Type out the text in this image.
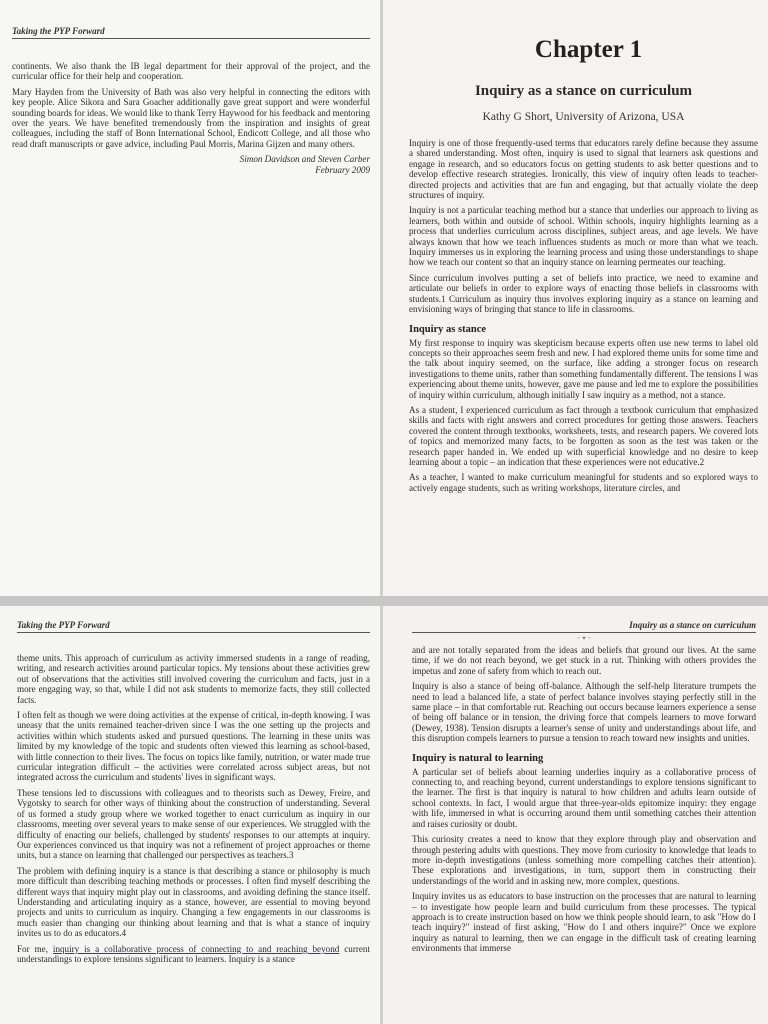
Taking the PYP Forward

continents. We also thank the IB legal department for their approval of the project, and the curricular office for their help and cooperation.

Mary Hayden from the University of Bath was also very helpful in connecting the editors with key people. Alice Sikora and Sara Goacher additionally gave great support and were wonderful sounding boards for ideas. We would like to thank Terry Haywood for his feedback and mentoring over the years. We have benefited tremendously from the inspiration and insights of great colleagues, including the staff of Bonn International School, Endicott College, and all those who read draft manuscripts or gave advice, including Paul Morris, Marina Gijzen and many others.

Simon Davidson and Steven Carber
February 2009
Chapter 1
Inquiry as a stance on curriculum
Kathy G Short, University of Arizona, USA

Inquiry is one of those frequently-used terms that educators rarely define because they assume a shared understanding. Most often, inquiry is used to signal that learners ask questions and engage in research, and so educators focus on getting students to ask better questions and to develop effective research strategies. Ironically, this view of inquiry often leads to teacher-directed projects and activities that are fun and engaging, but that actually violate the deep structures of inquiry.

Inquiry is not a particular teaching method but a stance that underlies our approach to living as learners, both within and outside of school. Within schools, inquiry highlights learning as a process that underlies curriculum across disciplines, subject areas, and age levels. We have always known that how we teach influences students as much or more than what we teach. Inquiry immerses us in exploring the learning process and using those understandings to shape how we teach our content so that an inquiry stance on learning permeates our teaching.

Since curriculum involves putting a set of beliefs into practice, we need to examine and articulate our beliefs in order to explore ways of enacting those beliefs in classrooms with students.1 Curriculum as inquiry thus involves exploring inquiry as a stance on learning and envisioning ways of bringing that stance to life in classrooms.

Inquiry as stance

My first response to inquiry was skepticism because experts often use new terms to label old concepts so their approaches seem fresh and new. I had explored theme units for some time and the talk about inquiry seemed, on the surface, like adding a stronger focus on research investigations to theme units, rather than something fundamentally different. The tensions I was experiencing about theme units, however, gave me pause and led me to explore the possibilities of inquiry within curriculum, although initially I saw inquiry as a method, not a stance.

As a student, I experienced curriculum as fact through a textbook curriculum that emphasized skills and facts with right answers and correct procedures for getting those answers. Teachers covered the content through textbooks, worksheets, tests, and research papers. We covered lots of topics and memorized many facts, to be forgotten as soon as the test was taken or the research paper handed in. We ended up with superficial knowledge and no desire to keep learning about a topic – an indication that these experiences were not educative.2

As a teacher, I wanted to make curriculum meaningful for students and so explored ways to actively engage students, such as writing workshops, literature circles, and

Taking the PYP Forward

theme units. This approach of curriculum as activity immersed students in a range of reading, writing, and research activities around particular topics. My tensions about these activities grew out of observations that the activities still involved covering the curriculum and facts, just in a more engaging way, so that, while I did not ask students to memorize facts, they still collected facts.

I often felt as though we were doing activities at the expense of critical, in-depth knowing. I was uneasy that the units remained teacher-driven since I was the one setting up the projects and activities within which students asked and pursued questions. The learning in these units was limited by my knowledge of the topic and students often viewed this learning as school-based, with little connection to their lives. The focus on topics like family, nutrition, or water made true curricular integration difficult – the activities were correlated across subject areas, but not integrated across the curriculum and students' lives in significant ways.

These tensions led to discussions with colleagues and to theorists such as Dewey, Freire, and Vygotsky to search for other ways of thinking about the construction of understanding. Several of us formed a study group where we worked together to enact curriculum as inquiry in our classrooms, meeting over several years to make sense of our experiences. We struggled with the difficulty of enacting our beliefs, challenged by students' responses to our attempts at inquiry. Our experiences convinced us that inquiry was not a refinement of project approaches or theme units, but a stance on learning that challenged our perspectives as teachers.3

The problem with defining inquiry is a stance is that describing a stance or philosophy is much more difficult than describing teaching methods or processes. I often find myself describing the different ways that inquiry might play out in classrooms, and avoiding defining the stance itself. Understanding and articulating inquiry as a stance, however, are essential to moving beyond projects and units to curriculum as inquiry. Changing a few engagements in our classrooms is much easier than changing our thinking about learning and that is what a stance of inquiry invites us to do as educators.4

For me, inquiry is a collaborative process of connecting to and reaching beyond current understandings to explore tensions significant to learners. Inquiry is a stance

Inquiry as a stance on curriculum
~ ✦ ~

and are not totally separated from the ideas and beliefs that ground our lives. At the same time, if we do not reach beyond, we get stuck in a rut. Thinking with others provides the impetus and zone of safety from which to reach out.

Inquiry is also a stance of being off-balance. Although the self-help literature trumpets the need to lead a balanced life, a state of perfect balance involves staying perfectly still in the same place – in that comfortable rut. Reaching out occurs because learners experience a sense of being off balance or in tension, the driving force that compels learners to move forward (Dewey, 1938). Tension disrupts a learner's sense of unity and understandings about life, and this disruption compels learners to pursue a tension to reach toward new insights and unities.

Inquiry is natural to learning

A particular set of beliefs about learning underlies inquiry as a collaborative process of connecting to, and reaching beyond, current understandings to explore tensions significant to the learner. The first is that inquiry is natural to how children and adults learn outside of school contexts. In fact, I would argue that three-year-olds epitomize inquiry: they engage with life, immersed in what is occurring around them until something catches their attention and raises curiosity or doubt.

This curiosity creates a need to know that they explore through play and observation and through pestering adults with questions. They move from curiosity to knowledge that leads to more in-depth investigations (unless something more compelling catches their attention). These explorations and investigations, in turn, support them in constructing their understandings of the world and in asking new, more complex, questions.

Inquiry invites us as educators to base instruction on the processes that are natural to learning – to investigate how people learn and build curriculum from these processes. The typical approach is to create instruction based on how we think people should learn, to ask "How do I teach inquiry?" instead of first asking, "How do I and others inquire?" Once we explore inquiry as natural to learning, then we can engage in the difficult task of creating learning environments that immerse
